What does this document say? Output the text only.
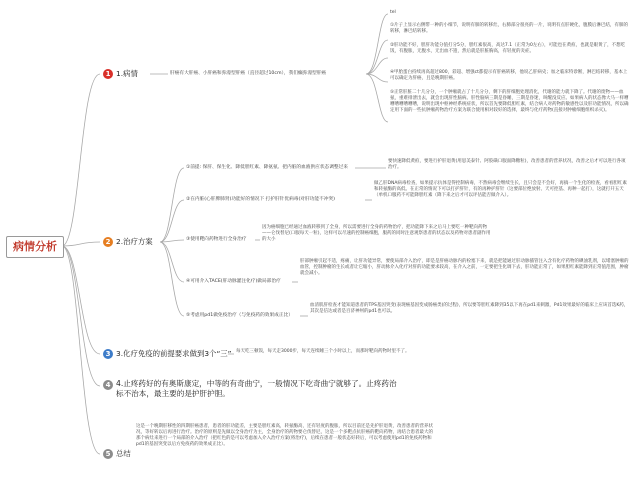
病情分析
1 1.病情	肝癌有大肝癌、小肝癌和弥漫型肝癌（直径超过10cm），我们癫弥漫型肝癌
tel
①片子上显示右侧带一种的小细节，说明有肺的转移灶，右肺部分很亮的一片，说明有点肝硬化，腹膜后淋巴结，有肺的转移，淋巴结转移。
②肝功能不好，胆肝功能分值打分5分，胆红素很高，高达7.1（正常为0左右），可能也在黄疸，也就是眼黄了，不想吃饭，有腹胀，无腹水，无出血不遗，然后就是肝脏胸高，有轻度的炎症。
④甲胎蛋白持续再高超过800，彩超、增强ct都提示有肝癌转移，他说乙肝病史；加之临床特诊断，淋巴结转移，基本上可以确定为肝癌，且是晚期肝癌。
⑤正常肝脏二十几分分，一个肿瘤就占了十几分分，剩下的肝细胞处理消化，代谢的能力就下降了。代谢的废物——血氨，重难排泄出去，就会出现肝性脑病。肝性脑病三期是昏睡，三期是昏迷，叫醒没反应。如果病人的状态像大马一样嘈嘈嘈嘈嘈嘈嘈，说明出现中枢神经系统症状，所以首先要降低胆红素，结合病人对药物的敏感性以及肝功能情况，所以确定用下面的一些抗肿瘤药物治疗方案为联合使用相对较好的选择，最终与化疗药物(直接对肿瘤细胞组织杀灭)。
2 2.治疗方案
①前提: 保肝、保生化、降低胆红素、降氨氨、把内脏的血液供应状态调整过来
要快速降低黄疸，要进行护肝退黄(用思美泰针、阿胶磺口服面降糖粒)，改善患者的营养状况，改善之后才可以进行各项治疗。
②在内脏(心肝脾肺肾)功能好的情况下 打护肝针优病毒(对肝功能不冲突)
做乙肝DNA病毒检查，如果提示抗体是得控制病毒，不然病毒会继续生长，且只会是不会好，再搞一个生化的检查，看看胆红素和转氨酶的高低。在正常的情况下可以打护肝针，有的再种护肝针（这要部位绝放射、天可控基、再种一起打），这就打开五天（单机口服药不可能降胆红素（降下来之后才可以评估能否做介入）。
③使用靶向药物进行全身治疗
因为癌细胞已经通过血液转移到了全身，所以需要进行全身的药物治疗，把功能降下来之后马上要吃一种靶向药物——仑伐替尼(口服每天一粒)，这样可以尽速的控制癌细胞，服药的同时注意观察患者的状态以及药物对患者副作用的大小
④可用介入TACE(肝动脉灌注化疗)做局部治疗
肝部肿瘤引起不适，疼痛，让肝功能异常，要使局部介入治疗，即是是肝癌动脉内的栓塞下来，就是把能通过肝动脉插管注入含有化疗药物的碘油乳剂，以堵塞肿瘤的血管，控制肿瘤的生长或者让它缩小，肝动脉介入化疗对肝的功能要求较高，在介入之前，一定要把生化调下去，肝功能正常了，如果胆红素能降到正常值范围，肿瘤就会减小。
⑤考虑用pd1做免疫治疗（与免疫药的效果成正比）
血清肌肝检查才能知道患者的TPS基因突变(表现癌基因变成肠癌类)的过程)，所以要等胆红素降到35以下再在pd1来刺激，Pd1效果最好的临床上应该首选K药，其次是信达或者是百济神州的pd1也可以。
3 3.化疗免疫的前提要求做到3个“三” 每天吃三顿饭，每天走3000步，每天连续睡三个小时以上，而那时靶向药物时里不了。
4 4.止疼药好的有奥斯康定，中等的有奇曲宁，一般情况下吃奇曲宁就够了。止疼药治标不治本，最主要的是护肝护胆。
5 总结
这是一个晚期肝移性的四期肝癌患者，患者的肝功能差，主要是胆红素高，转氨酶高，还有轻度的腹胀，所以目前还是先护肝退黄，改善患者的营养状况，等好转以后再进行治疗。治疗的原则是先做以全身治疗为主，全身治疗的药物要仑伐替尼，这是一个多靶点抗肝癌的靶向药物，再结合患者最大的那个病灶来进行一个局部的介入治疗（把红色的是可以考虑加入介入治疗方案(将治疗)，后续在患者一般状态好转后，可以考虑使用pd1的免疫药物和pd1的基因突变以后方免疫药的效果成正比）。
